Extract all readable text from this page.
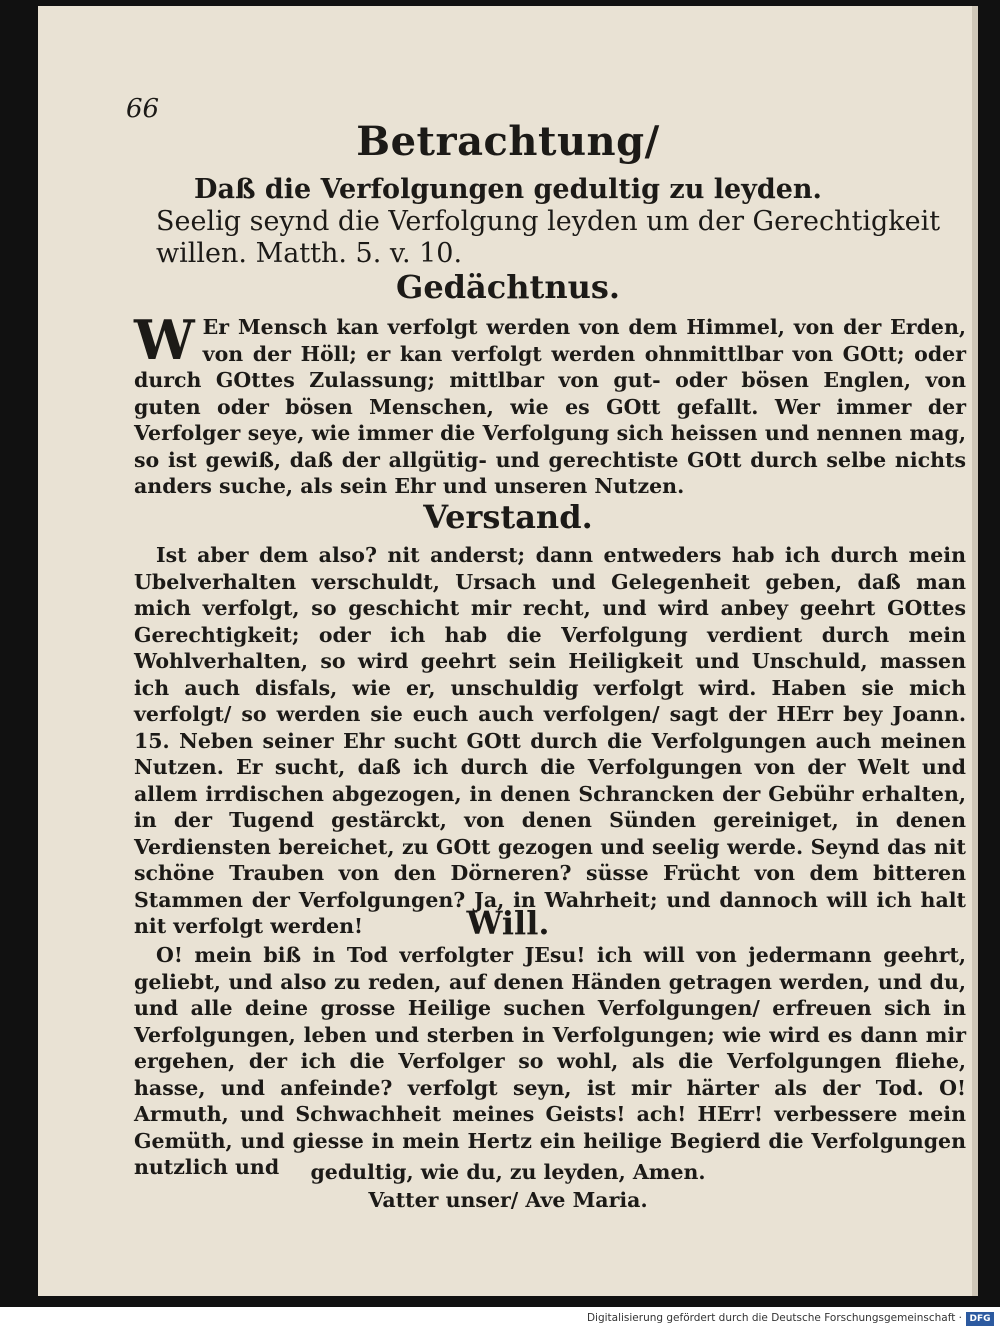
66
Betrachtung/
Daß die Verfolgungen gedultig zu leyden.
Seelig seynd die Verfolgung leyden um der Gerechtigkeit willen. Matth. 5. v. 10.
Gedächtnus.

W Er Mensch kan verfolgt werden von dem Himmel, von der Erden, von der Höll; er kan verfolgt werden ohnmittlbar von GOtt; oder durch GOttes Zulassung; mittlbar von gut- oder bösen Englen, von guten oder bösen Menschen, wie es GOtt gefallt. Wer immer der Verfolger seye, wie immer die Verfolgung sich heissen und nennen mag, so ist gewiß, daß der allgütig- und gerechtiste GOtt durch selbe nichts anders suche, als sein Ehr und unseren Nutzen.

Verstand.

Ist aber dem also? nit anderst; dann entweders hab ich durch mein Ubelverhalten verschuldt, Ursach und Gelegenheit geben, daß man mich verfolgt, so geschicht mir recht, und wird anbey geehrt GOttes Gerechtigkeit; oder ich hab die Verfolgung verdient durch mein Wohlverhalten, so wird geehrt sein Heiligkeit und Unschuld, massen ich auch disfals, wie er, unschuldig verfolgt wird. Haben sie mich verfolgt/ so werden sie euch auch verfolgen/ sagt der HErr bey Joann. 15. Neben seiner Ehr sucht GOtt durch die Verfolgungen auch meinen Nutzen. Er sucht, daß ich durch die Verfolgungen von der Welt und allem irrdischen abgezogen, in denen Schrancken der Gebühr erhalten, in der Tugend gestärckt, von denen Sünden gereiniget, in denen Verdiensten bereichet, zu GOtt gezogen und seelig werde. Seynd das nit schöne Trauben von den Dörneren? süsse Frücht von dem bitteren Stammen der Verfolgungen? Ja, in Wahrheit; und dannoch will ich halt nit verfolgt werden!	Will.

O! mein biß in Tod verfolgter JEsu! ich will von jedermann geehrt, geliebt, und also zu reden, auf denen Händen getragen werden, und du, und alle deine grosse Heilige suchen Verfolgungen/ erfreuen sich in Verfolgungen, leben und sterben in Verfolgungen; wie wird es dann mir ergehen, der ich die Verfolger so wohl, als die Verfolgungen fliehe, hasse, und anfeinde? verfolgt seyn, ist mir härter als der Tod. O! Armuth, und Schwachheit meines Geists! ach! HErr! verbessere mein Gemüth, und giesse in mein Hertz ein heilige Begierd die Verfolgungen nutzlich und	gedultig, wie du, zu leyden, Amen.
Vatter unser/ Ave Maria.
Digitalisierung gefördert durch die Deutsche Forschungsgemeinschaft · DFG
